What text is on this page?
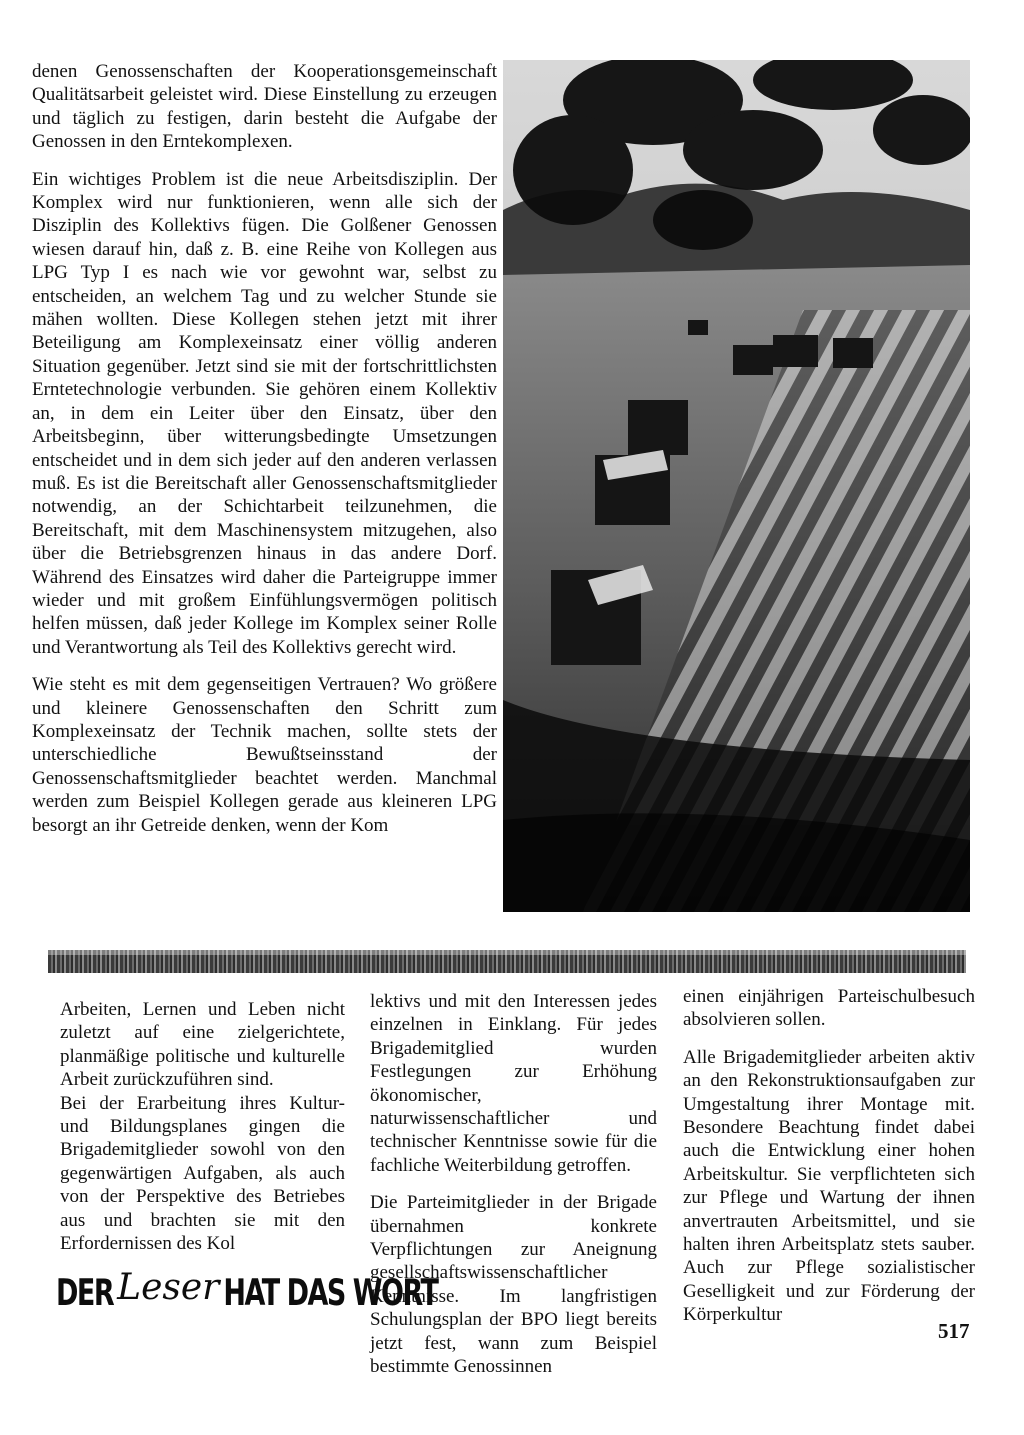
denen Genossenschaften der Kooperationsgemeinschaft Qualitätsarbeit geleistet wird. Diese Einstellung zu erzeugen und täglich zu festigen, darin besteht die Aufgabe der Genossen in den Erntekomplexen.

Ein wichtiges Problem ist die neue Arbeitsdisziplin. Der Komplex wird nur funktionieren, wenn alle sich der Disziplin des Kollektivs fügen. Die Golßener Genossen wiesen darauf hin, daß z. B. eine Reihe von Kollegen aus LPG Typ I es nach wie vor gewohnt war, selbst zu entscheiden, an welchem Tag und zu welcher Stunde sie mähen wollten. Diese Kollegen stehen jetzt mit ihrer Beteiligung am Komplexeinsatz einer völlig anderen Situation gegenüber. Jetzt sind sie mit der fortschrittlichsten Erntetechnologie verbunden. Sie gehören einem Kollektiv an, in dem ein Leiter über den Einsatz, über den Arbeitsbeginn, über witterungsbedingte Umsetzungen entscheidet und in dem sich jeder auf den anderen verlassen muß. Es ist die Bereitschaft aller Genossenschaftsmitglieder notwendig, an der Schichtarbeit teilzunehmen, die Bereitschaft, mit dem Maschinensystem mitzugehen, also über die Betriebsgrenzen hinaus in das andere Dorf. Während des Einsatzes wird daher die Parteigruppe immer wieder und mit großem Einfühlungsvermögen politisch helfen müssen, daß jeder Kollege im Komplex seiner Rolle und Verantwortung als Teil des Kollektivs gerecht wird.

Wie steht es mit dem gegenseitigen Vertrauen? Wo größere und kleinere Genossenschaften den Schritt zum Komplexeinsatz der Technik machen, sollte stets der unterschiedliche Bewußtseinsstand der Genossenschaftsmitglieder beachtet werden. Manchmal werden zum Beispiel Kollegen gerade aus kleineren LPG besorgt an ihr Getreide denken, wenn der Kom

Arbeiten, Lernen und Leben nicht zuletzt auf eine zielgerichtete, planmäßige politische und kulturelle Arbeit zurückzuführen sind.

Bei der Erarbeitung ihres Kultur- und Bildungsplanes gingen die Brigademitglieder sowohl von den gegenwärtigen Aufgaben, als auch von der Perspektive des Betriebes aus und brachten sie mit den Erfordernissen des Kol

lektivs und mit den Interessen jedes einzelnen in Einklang. Für jedes Brigademitglied wurden Festlegungen zur Erhöhung ökonomischer, naturwissenschaftlicher und technischer Kenntnisse sowie für die fachliche Weiterbildung getroffen.

Die Parteimitglieder in der Brigade übernahmen konkrete Verpflichtungen zur Aneignung gesellschaftswissenschaftlicher Kenntnisse. Im langfristigen Schulungsplan der BPO liegt bereits jetzt fest, wann zum Beispiel bestimmte Genossinnen

einen einjährigen Parteischulbesuch absolvieren sollen.

Alle Brigademitglieder arbeiten aktiv an den Rekonstruktionsaufgaben zur Umgestaltung ihrer Montage mit. Besondere Beachtung findet dabei auch die Entwicklung einer hohen Arbeitskultur. Sie verpflichteten sich zur Pflege und Wartung der ihnen anvertrauten Arbeitsmittel, und sie halten ihren Arbeitsplatz stets sauber. Auch zur Pflege sozialistischer Geselligkeit und zur Förderung der Körperkultur

DER Leser HAT DAS WORT
517
